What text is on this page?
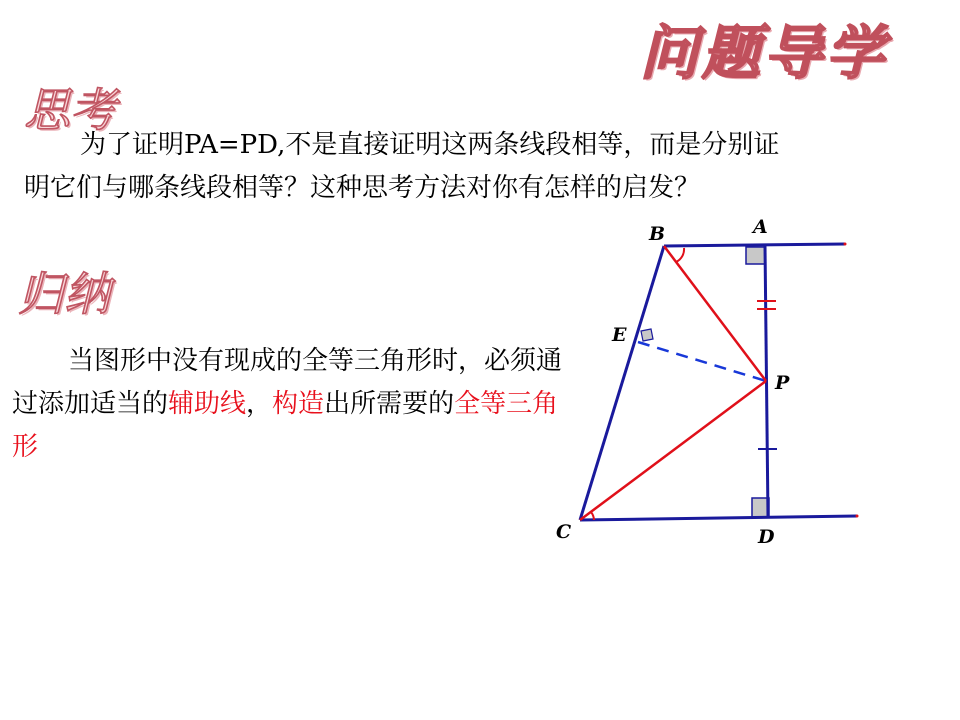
问题导学
思考
为了证明PA=PD,不是直接证明这两条线段相等，而是分别证明它们与哪条线段相等？这种思考方法对你有怎样的启发？
归纳
当图形中没有现成的全等三角形时，必须通过添加适当的辅助线，构造出所需要的全等三角形
B	A
E
P
C	D
